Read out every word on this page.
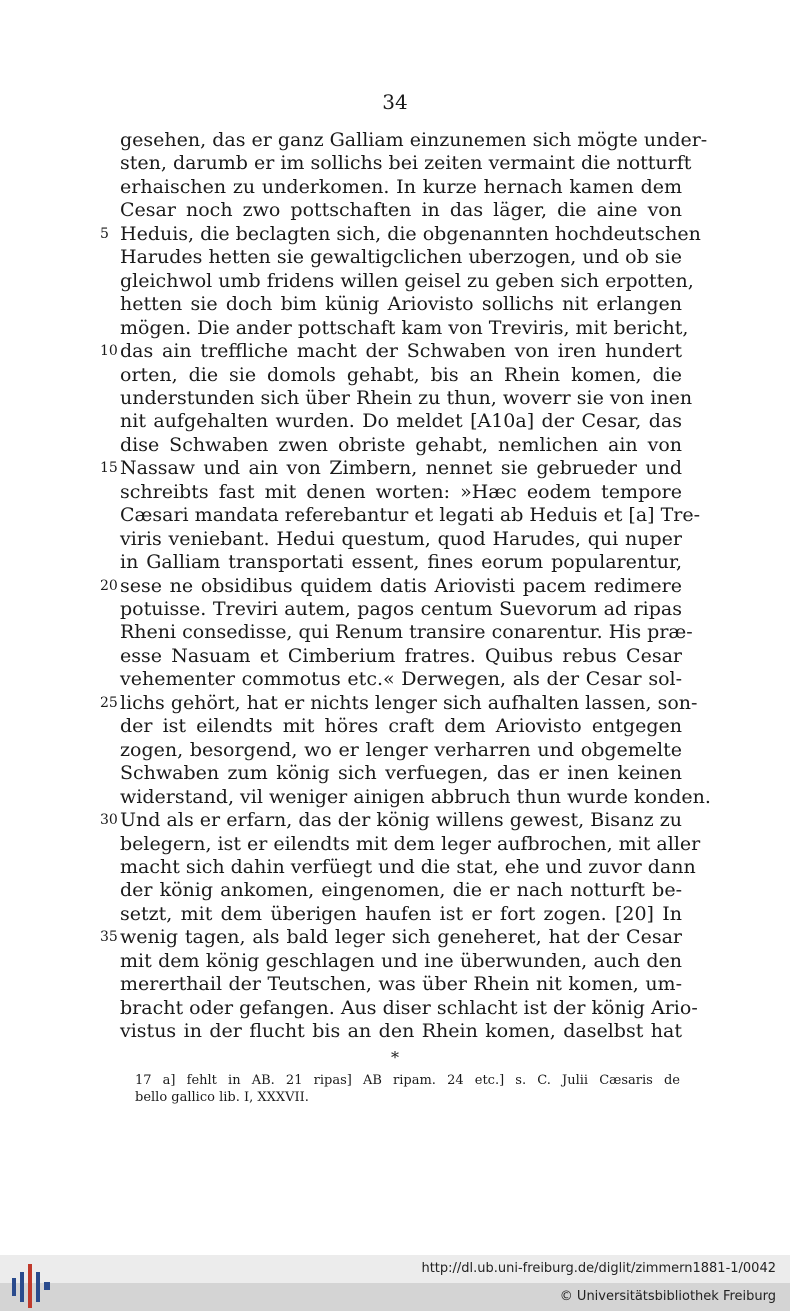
34
gesehen, das er ganz Galliam einzunemen sich mögte under-
sten, darumb er im sollichs bei zeiten vermaint die notturft
erhaischen zu underkomen. In kurze hernach kamen dem
Cesar noch zwo pottschaften in das läger, die aine von
Heduis, die beclagten sich, die obgenannten hochdeutschen
5
Harudes hetten sie gewaltigclichen uberzogen, und ob sie
gleichwol umb fridens willen geisel zu geben sich erpotten,
hetten sie doch bim künig Ariovisto sollichs nit erlangen
mögen. Die ander pottschaft kam von Treviris, mit bericht,
das ain treffliche macht der Schwaben von iren hundert
10
orten, die sie domols gehabt, bis an Rhein komen, die
understunden sich über Rhein zu thun, woverr sie von inen
nit aufgehalten wurden. Do meldet [A10a] der Cesar, das
dise Schwaben zwen obriste gehabt, nemlichen ain von
Nassaw und ain von Zimbern, nennet sie gebrueder und
15
schreibts fast mit denen worten: »Hæc eodem tempore
Cæsari mandata referebantur et legati ab Heduis et [a] Tre-
viris veniebant. Hedui questum, quod Harudes, qui nuper
in Galliam transportati essent, fines eorum popularentur,
sese ne obsidibus quidem datis Ariovisti pacem redimere
20
potuisse. Treviri autem, pagos centum Suevorum ad ripas
Rheni consedisse, qui Renum transire conarentur. His præ-
esse Nasuam et Cimberium fratres. Quibus rebus Cesar
vehementer commotus etc.« Derwegen, als der Cesar sol-
lichs gehört, hat er nichts lenger sich aufhalten lassen, son-
25
der ist eilendts mit höres craft dem Ariovisto entgegen
zogen, besorgend, wo er lenger verharren und obgemelte
Schwaben zum könig sich verfuegen, das er inen keinen
widerstand, vil weniger ainigen abbruch thun wurde konden.
Und als er erfarn, das der könig willens gewest, Bisanz zu
30
belegern, ist er eilendts mit dem leger aufbrochen, mit aller
macht sich dahin verfüegt und die stat, ehe und zuvor dann
der könig ankomen, eingenomen, die er nach notturft be-
setzt, mit dem überigen haufen ist er fort zogen. [20] In
wenig tagen, als bald leger sich geneheret, hat der Cesar
35
mit dem könig geschlagen und ine überwunden, auch den
mererthail der Teutschen, was über Rhein nit komen, um-
bracht oder gefangen. Aus diser schlacht ist der könig Ario-
vistus in der flucht bis an den Rhein komen, daselbst hat
*
17 a] fehlt in AB. 21 ripas] AB ripam. 24 etc.] s. C. Julii Cæsaris de
bello gallico lib. I, XXXVII.
http://dl.ub.uni-freiburg.de/diglit/zimmern1881-1/0042
© Universitätsbibliothek Freiburg
